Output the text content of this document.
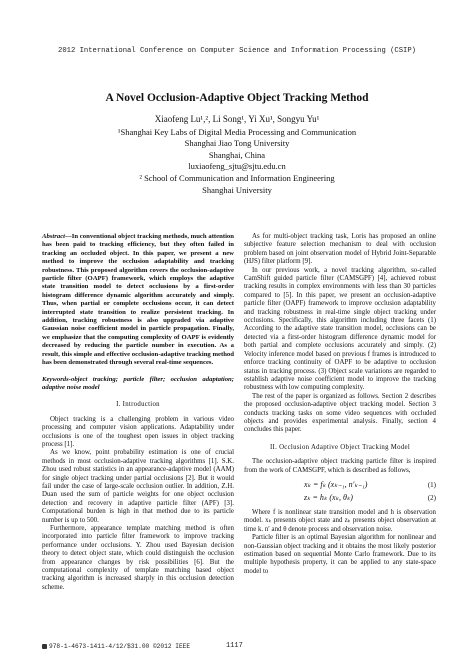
2012 International Conference on Computer Science and Information Processing (CSIP)
A Novel Occlusion-Adaptive Object Tracking Method
Xiaofeng Lu¹,², Li Song¹, Yi Xu¹, Songyu Yu¹
¹Shanghai Key Labs of Digital Media Processing and Communication
Shanghai Jiao Tong University
Shanghai, China
luxiaofeng_sjtu@sjtu.edu.cn
² School of Communication and Information Engineering
Shanghai University
Abstract—In conventional object tracking methods, much attention has been paid to tracking efficiency, but they often failed in tracking an occluded object. In this paper, we present a new method to improve the occlusion adaptability and tracking robustness. This proposed algorithm covers the occlusion-adaptive particle filter (OAPF) framework, which employs the adaptive state transition model to detect occlusions by a first-order histogram difference dynamic algorithm accurately and simply. Thus, when partial or complete occlusions occur, it can detect interrupted state transition to realize persistent tracking. In addition, tracking robustness is also upgraded via adaptive Gaussian noise coefficient model in particle propagation. Finally, we emphasize that the computing complexity of OAPF is evidently decreased by reducing the particle number in execution. As a result, this simple and effective occlusion-adaptive tracking method has been demonstrated through several real-time sequences.
Keywords-object tracking; particle filter; occlusion adaptation; adaptive noise model
I. Introduction

Object tracking is a challenging problem in various video processing and computer vision applications. Adaptability under occlusions is one of the toughest open issues in object tracking process [1].

As we know, point probability estimation is one of crucial methods in most occlusion-adaptive tracking algorithms [1]. S.K. Zhou used robust statistics in an appearance-adaptive model (AAM) for single object tracking under partial occlusions [2]. But it would fail under the case of large-scale occlusion outlier. In addition, Z.H. Duan used the sum of particle weights for one object occlusion detection and recovery in adaptive particle filter (APF) [3]. Computational burden is high in that method due to its particle number is up to 500.

Furthermore, appearance template matching method is often incorporated into particle filter framework to improve tracking performance under occlusions. Y. Zhou used Bayesian decision theory to detect object state, which could distinguish the occlusion from appearance changes by risk possibilities [6]. But the computational complexity of template matching based object tracking algorithm is increased sharply in this occlusion detection scheme.

As for multi-object tracking task, Loris has proposed an online subjective feature selection mechanism to deal with occlusion problem based on joint observation model of Hybrid Joint-Separable (HJS) filter platform [9].

In our previous work, a novel tracking algorithm, so-called CamShift guided particle filter (CAMSGPF) [4], achieved robust tracking results in complex environments with less than 30 particles compared to [5]. In this paper, we present an occlusion-adaptive particle filter (OAPF) framework to improve occlusion adaptability and tracking robustness in real-time single object tracking under occlusions. Specifically, this algorithm including three facets (1) According to the adaptive state transition model, occlusions can be detected via a first-order histogram difference dynamic model for both partial and complete occlusions accurately and simply. (2) Velocity inference model based on previous f frames is introduced to enforce tracking continuity of OAPF to be adaptive to occlusion status in tracking process. (3) Object scale variations are regarded to establish adaptive noise coefficient model to improve the tracking robustness with low computing complexity.

The rest of the paper is organized as follows. Section 2 describes the proposed occlusion-adaptive object tracking model. Section 3 conducts tracking tasks on some video sequences with occluded objects and provides experimental analysis. Finally, section 4 concludes this paper.

II. Occlusion Adaptive Object Tracking Model

The occlusion-adaptive object tracking particle filter is inspired from the work of CAMSGPF, which is described as follows,

xₖ = fₖ (xₖ₋₁, n′ₖ₋₁)	(1)
zₖ = hₖ (xₖ, θₖ)	(2)

Where f is nonlinear state transition model and h is observation model. xₖ presents object state and zₖ presents object observation at time k. n′ and θ denote process and observation noise.

Particle filter is an optimal Bayesian algorithm for nonlinear and non-Gaussian object tracking and it obtains the most likely posterior estimation based on sequential Monte Carlo framework. Due to its multiple hypothesis property, it can be applied to any state-space model to

978-1-4673-1411-4/12/$31.00 ©2012 IEEE	1117
